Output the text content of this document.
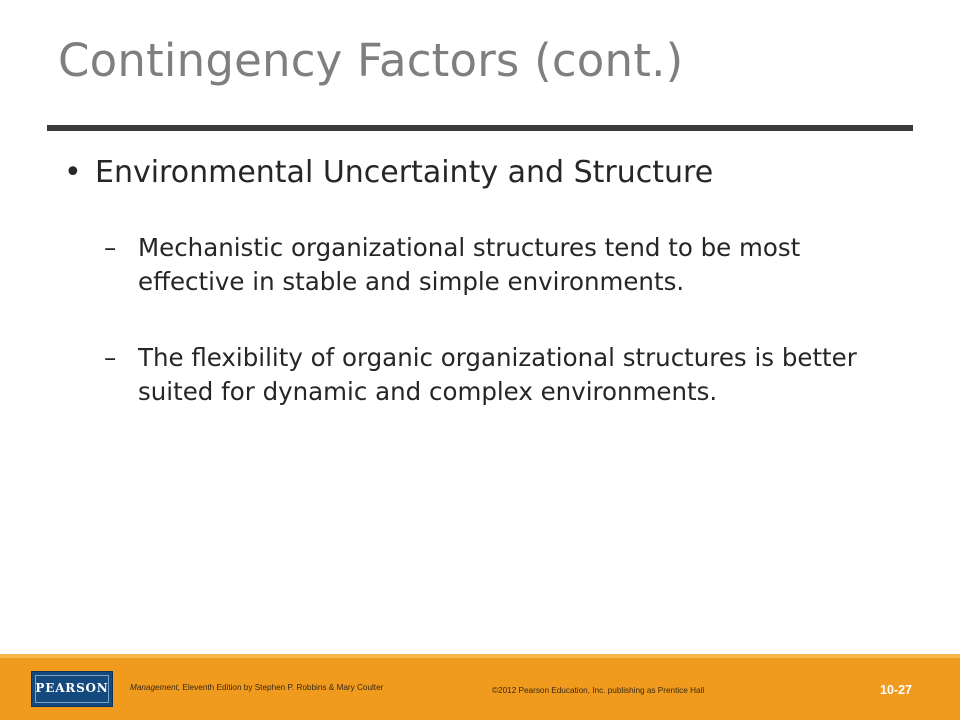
Contingency Factors (cont.)
• Environmental Uncertainty and Structure
– Mechanistic organizational structures tend to be most effective in stable and simple environments.
– The flexibility of organic organizational structures is better suited for dynamic and complex environments.
PEARSON	Management, Eleventh Edition by Stephen P. Robbins & Mary Coulter	©2012 Pearson Education, Inc. publishing as Prentice Hall	10-27
